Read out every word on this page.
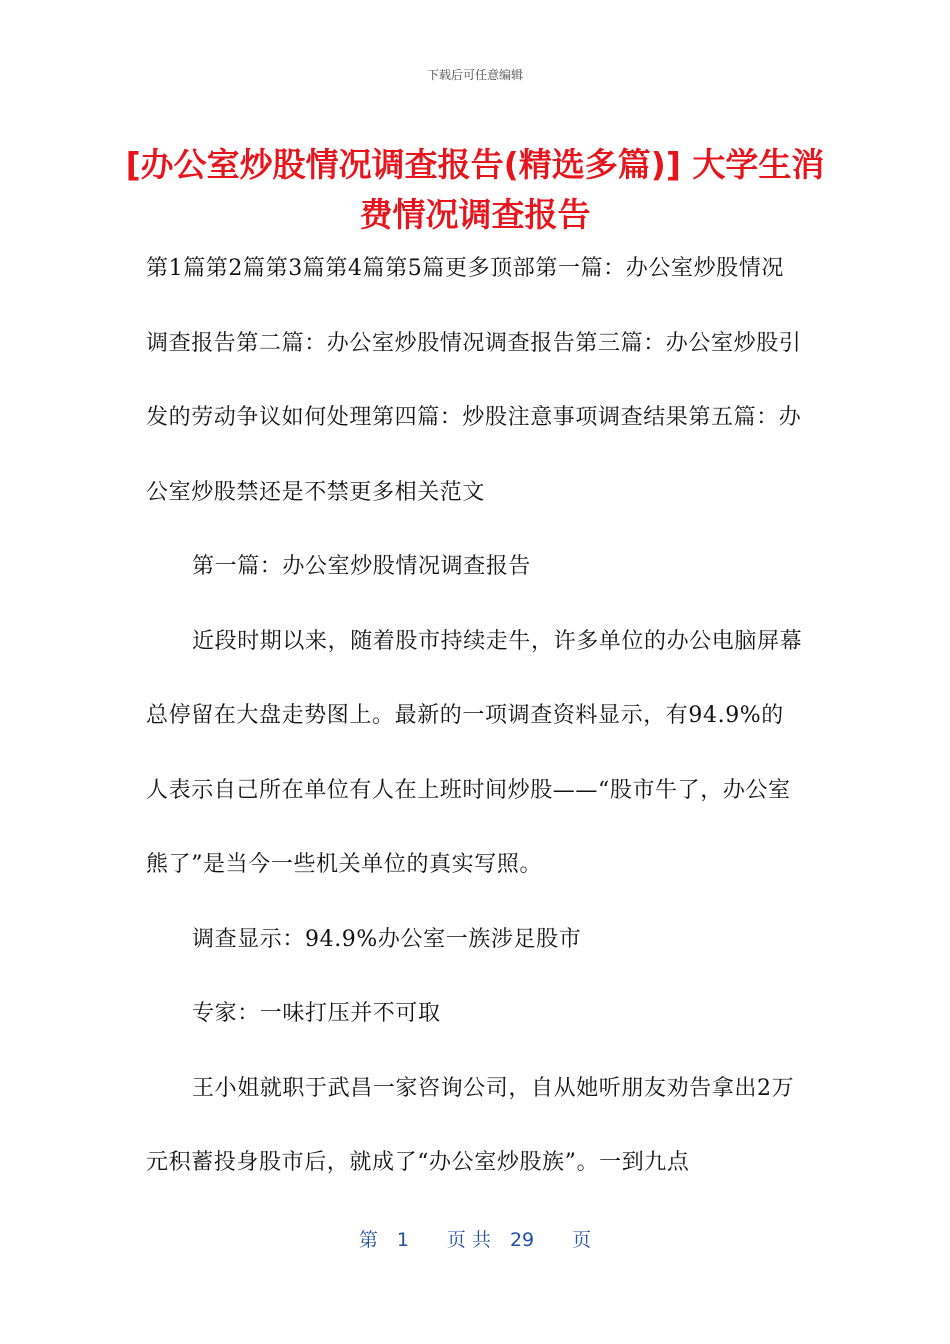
下载后可任意编辑
[办公室炒股情况调查报告(精选多篇)] 大学生消费情况调查报告

第1篇第2篇第3篇第4篇第5篇更多顶部第一篇：办公室炒股情况调查报告第二篇：办公室炒股情况调查报告第三篇：办公室炒股引发的劳动争议如何处理第四篇：炒股注意事项调查结果第五篇：办公室炒股禁还是不禁更多相关范文

第一篇：办公室炒股情况调查报告

近段时期以来，随着股市持续走牛，许多单位的办公电脑屏幕总停留在大盘走势图上。最新的一项调查资料显示，有94.9%的人表示自己所在单位有人在上班时间炒股——“股市牛了，办公室熊了”是当今一些机关单位的真实写照。

调查显示：94.9%办公室一族涉足股市

专家：一味打压并不可取

王小姐就职于武昌一家咨询公司，自从她听朋友劝告拿出2万元积蓄投身股市后，就成了“办公室炒股族”。一到九点

第　1　　页 共　29　　页
